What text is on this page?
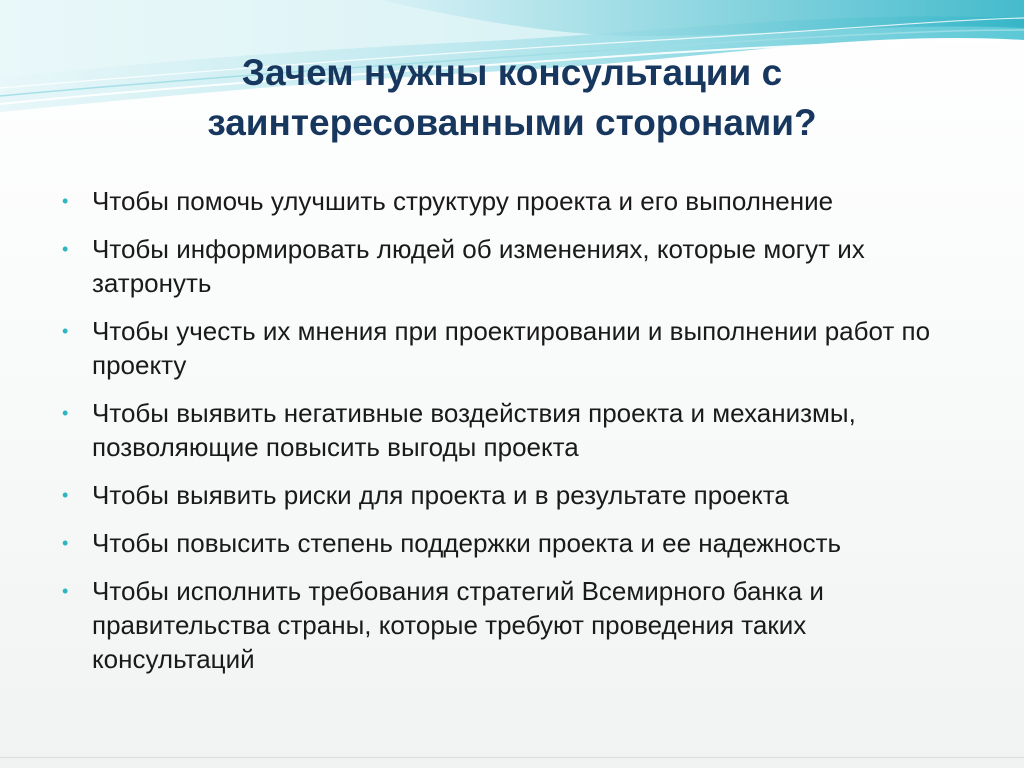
Зачем нужны консультации с
заинтересованными сторонами?
• Чтобы помочь улучшить структуру проекта и его выполнение
• Чтобы информировать людей об изменениях, которые могут их затронуть
• Чтобы учесть их мнения при проектировании и выполнении работ по проекту
• Чтобы выявить негативные воздействия проекта и механизмы, позволяющие повысить выгоды проекта
• Чтобы выявить риски для проекта и в результате проекта
• Чтобы повысить степень поддержки проекта и ее надежность
• Чтобы исполнить требования стратегий Всемирного банка и правительства страны, которые требуют проведения таких консультаций
